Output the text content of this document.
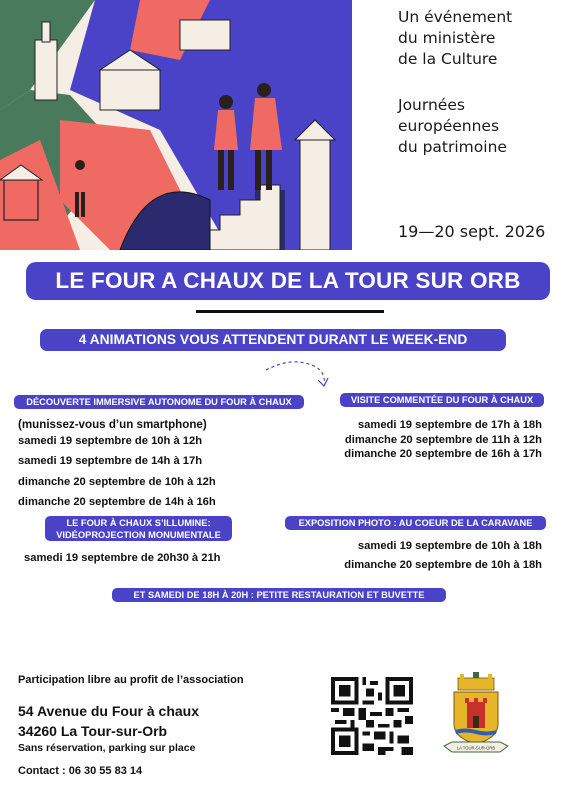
Un événement
du ministère
de la Culture
Journées
européennes
du patrimoine
19—20 sept. 2026
LE FOUR A CHAUX DE LA TOUR SUR ORB
4 ANIMATIONS VOUS ATTENDENT DURANT LE WEEK-END
DÉCOUVERTE IMMERSIVE AUTONOME DU FOUR À CHAUX
(munissez-vous d’un smartphone)
samedi 19 septembre de 10h à 12h
samedi 19 septembre de 14h à 17h
dimanche 20 septembre de 10h à 12h
dimanche 20 septembre de 14h à 16h
VISITE COMMENTÉE DU FOUR À CHAUX
samedi 19 septembre de 17h à 18h
dimanche 20 septembre de 11h à 12h
dimanche 20 septembre de 16h à 17h
LE FOUR À CHAUX S’ILLUMINE:
VIDÉOPROJECTION MONUMENTALE
samedi 19 septembre de 20h30 à 21h
EXPOSITION PHOTO : AU COEUR DE LA CARAVANE
samedi 19 septembre de 10h à 18h
dimanche 20 septembre de 10h à 18h
ET SAMEDI DE 18H À 20H : PETITE RESTAURATION ET BUVETTE
Participation libre au profit de l’association
54 Avenue du Four à chaux
34260 La Tour-sur-Orb
Sans réservation, parking sur place
Contact : 06 30 55 83 14
LA TOUR-SUR-ORB
